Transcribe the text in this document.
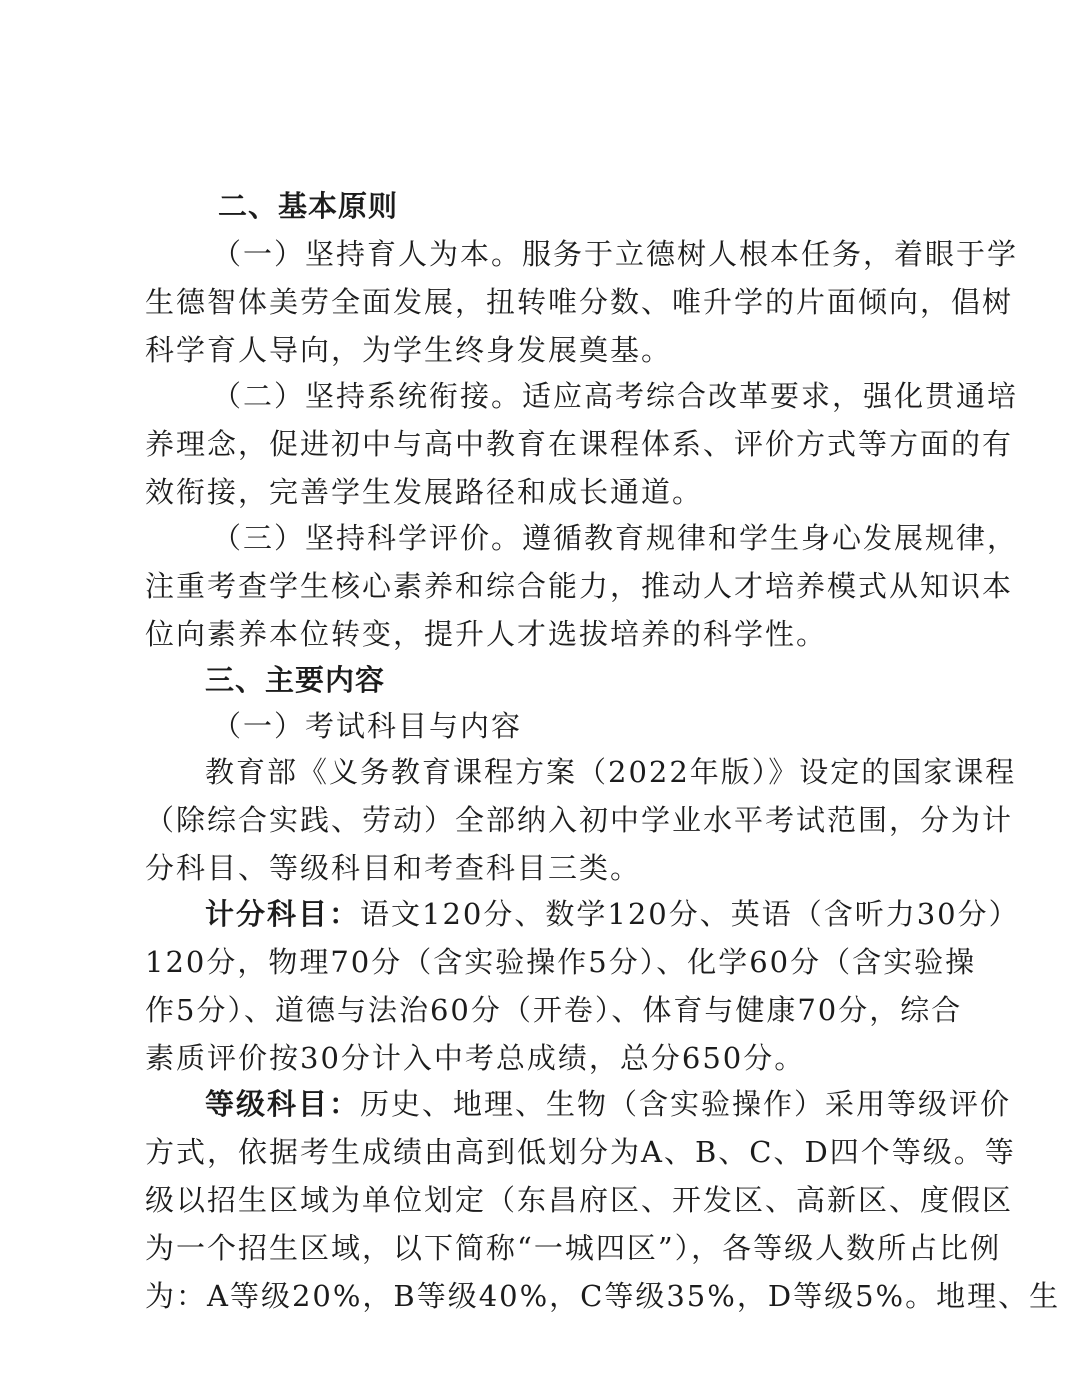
二、基本原则
（一）坚持育人为本。服务于立德树人根本任务，着眼于学
生德智体美劳全面发展，扭转唯分数、唯升学的片面倾向，倡树
科学育人导向，为学生终身发展奠基。
（二）坚持系统衔接。适应高考综合改革要求，强化贯通培
养理念，促进初中与高中教育在课程体系、评价方式等方面的有
效衔接，完善学生发展路径和成长通道。
（三）坚持科学评价。遵循教育规律和学生身心发展规律，
注重考查学生核心素养和综合能力，推动人才培养模式从知识本
位向素养本位转变，提升人才选拔培养的科学性。
三、主要内容
（一）考试科目与内容
教育部《义务教育课程方案（2022年版）》设定的国家课程
（除综合实践、劳动）全部纳入初中学业水平考试范围，分为计
分科目、等级科目和考查科目三类。
计分科目：语文120分、数学120分、英语（含听力30分）
120分，物理70分（含实验操作5分）、化学60分（含实验操
作5分）、道德与法治60分（开卷）、体育与健康70分，综合
素质评价按30分计入中考总成绩，总分650分。
等级科目：历史、地理、生物（含实验操作）采用等级评价
方式，依据考生成绩由高到低划分为A、B、C、D四个等级。等
级以招生区域为单位划定（东昌府区、开发区、高新区、度假区
为一个招生区域，以下简称“一城四区”），各等级人数所占比例
为：A等级20%，B等级40%，C等级35%，D等级5%。地理、生
